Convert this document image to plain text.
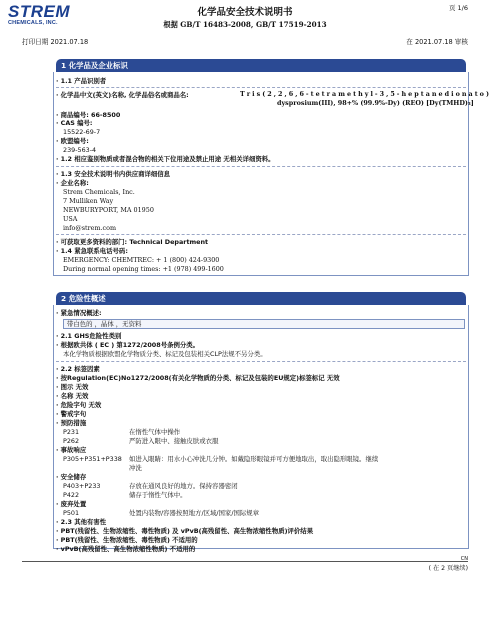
STREM
CHEMICALS, INC.
化学品安全技术说明书
根据 GB/T 16483-2008, GB/T 17519-2013
页 1/6
打印日期 2021.07.18	在 2021.07.18 审核
1 化学品及企业标识
· 1.1 产品识别者
· 化学品中文(英文)名称, 化学品俗名或商品名:	T r i s ( 2 , 2 , 6 , 6 - t e t r a m e t h y l - 3 , 5 - h e p t a n e d i o n a t o )
dysprosium(III), 98+% (99.9%-Dy) (REO) [Dy(TMHD)₃]
· 商品编号: 66-8500
· CAS 编号:
15522-69-7
· 欧盟编号:
239-563-4
· 1.2 相应鉴别物质或者混合物的相关下位用途及禁止用途 无相关详细资料。
· 1.3 安全技术说明书内供应商详细信息
· 企业名称:
Strem Chemicals, Inc.
7 Mulliken Way
NEWBURYPORT, MA 01950
USA
info@strem.com
· 可获取更多资料的部门: Technical Department
· 1.4 紧急联系电话号码:
EMERGENCY: CHEMTREC: + 1 (800) 424-9300
During normal opening times: +1 (978) 499-1600
2 危险性概述
· 紧急情况概述:
带白色的 ，晶体 ，无资料
· 2.1 GHS危险性类别
· 根据欧共体 ( EC ) 第1272/2008号条例分类。
本化学物质根据欧盟化学物质分类、标记及包装相关CLP法规不另分类。
· 2.2 标签因素
· 按Regulation(EC)No1272/2008(有关化学物质的分类、标记及包装的EU规定)标签标记 无效
· 图示 无效
· 名称 无效
· 危险字句 无效
· 警戒字句
· 预防措施
P231	在惰性气体中操作
P262	严防进入眼中、接触皮肤或衣服
· 事故响应
P305+P351+P338 如进入眼睛：用水小心冲洗几分钟。如戴隐形眼镜并可方便地取出，取出隐形眼镜。继续
冲洗
· 安全储存
P403+P233	存放在通风良好的地方。保持容器密闭
P422	储存于惰性气体中。
· 废弃处置
P501	处置内装物/容器按照地方/区域/国家/国际规章
· 2.3 其他有害性
· PBT(残留性、生物浓缩性、毒性物质) 及 vPvB(高残留性、高生物浓缩性物质)评价结果
· PBT(残留性、生物浓缩性、毒性物质) 不适用的
· vPvB(高残留性、高生物浓缩性物质) 不适用的
CN
( 在 2 页继续)
